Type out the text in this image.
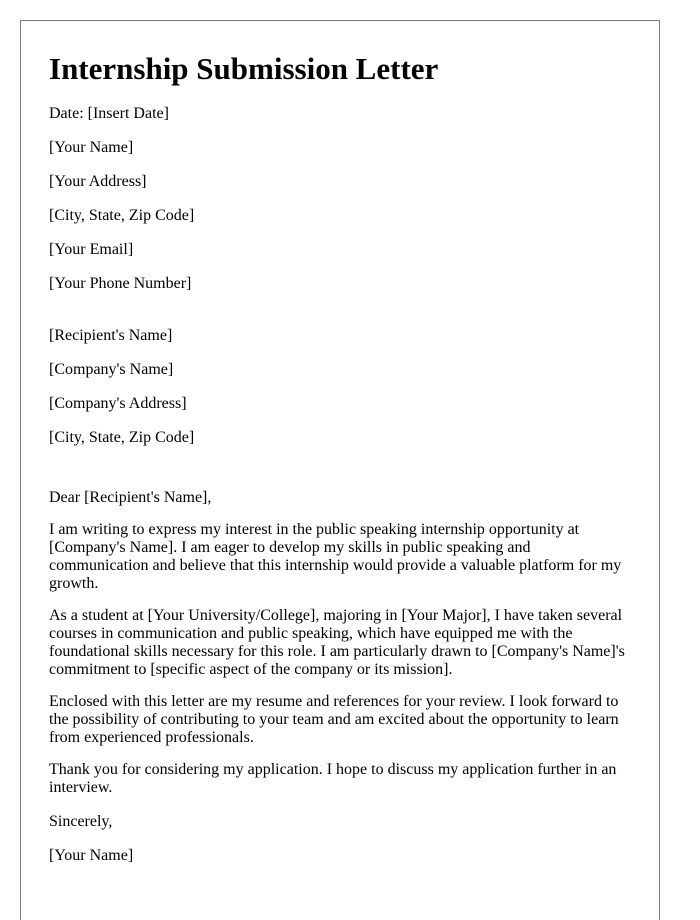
Internship Submission Letter

Date: [Insert Date]

[Your Name]

[Your Address]

[City, State, Zip Code]

[Your Email]

[Your Phone Number]

[Recipient's Name]

[Company's Name]

[Company's Address]

[City, State, Zip Code]

Dear [Recipient's Name],

I am writing to express my interest in the public speaking internship opportunity at [Company's Name]. I am eager to develop my skills in public speaking and communication and believe that this internship would provide a valuable platform for my growth.

As a student at [Your University/College], majoring in [Your Major], I have taken several courses in communication and public speaking, which have equipped me with the foundational skills necessary for this role. I am particularly drawn to [Company's Name]'s commitment to [specific aspect of the company or its mission].

Enclosed with this letter are my resume and references for your review. I look forward to the possibility of contributing to your team and am excited about the opportunity to learn from experienced professionals.

Thank you for considering my application. I hope to discuss my application further in an interview.

Sincerely,

[Your Name]
